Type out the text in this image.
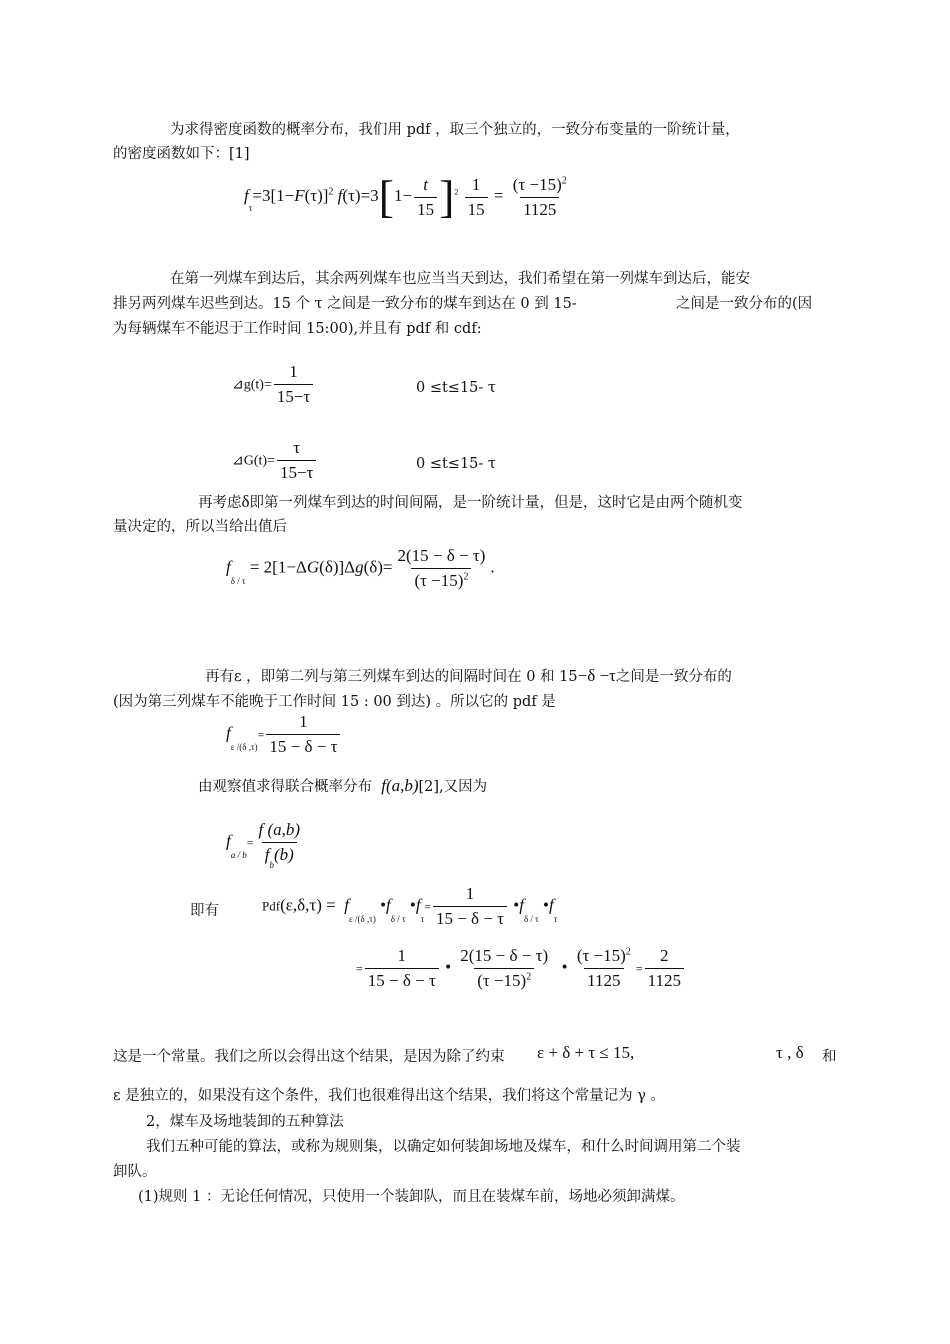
为求得密度函数的概率分布，我们用 pdf ，取三个独立的，一致分布变量的一阶统计量，
的密度函数如下：[1]
$f_\tau=3[1-F(\tau)]^2$ $f(\tau)=3[1- \frac{t}{15} ]^2 \frac{1}{15} = \frac{(\tau -15)^2}{1125}$
在第一列煤车到达后，其余两列煤车也应当当天到达，我们希望在第一列煤车到达后，能安
排另两列煤车迟些到达。15 个 τ 之间是一致分布的煤车到达在 0 到 15-	之间是一致分布的(因
为每辆煤车不能迟于工作时间 15:00),并且有 pdf 和 cdf:
⊿g(t)= $\frac{1}{15-\tau}$	0 ≤t≤15- τ
⊿G(t)= $\frac{\tau}{15-\tau}$	0 ≤t≤15- τ
再考虑δ即第一列煤车到达的时间间隔，是一阶统计量，但是，这时它是由两个随机变
量决定的，所以当给出值后
$f_{\delta / \tau} = 2[1-\Delta G(\delta)]\Delta g(\delta)= \frac{2(15 - \delta - \tau)}{(\tau -15)^2}$ .
再有ε ，即第二列与第三列煤车到达的间隔时间在 0 和 15−δ −τ之间是一致分布的
(因为第三列煤车不能晚于工作时间 15 : 00 到达) 。所以它的 pdf 是
$f_{\varepsilon /(\delta ,\tau)}= \frac{1}{15 - \delta - \tau}$
由观察值求得联合概率分布 f(a,b)[2],又因为
$f_{a / b}= \frac{f (a,b)}{f_b(b)}$
即有	$Pdf(\varepsilon,\delta,\tau) = f_{\varepsilon /(\delta ,\tau)}$ $•f_{\delta / \tau}$ $•f_\tau= \frac{1}{15 - \delta - \tau}$ $•f_{\delta / \tau}$ $•f_\tau$
= $\frac{1}{15 - \delta - \tau}$ • $\frac{2(15 - \delta - \tau)}{(\tau -15)^2}$ • $\frac{(\tau -15)^2}{1125} = \frac{2}{1125}$
这是一个常量。我们之所以会得出这个结果，是因为除了约束 ε + δ + τ ≤ 15,	τ , δ 和
ε 是独立的，如果没有这个条件，我们也很难得出这个结果，我们将这个常量记为 γ 。
2，煤车及场地装卸的五种算法
我们五种可能的算法，或称为规则集，以确定如何装卸场地及煤车，和什么时间调用第二个装
卸队。
(1)规则 1 ：无论任何情况，只使用一个装卸队，而且在装煤车前，场地必须卸满煤。
